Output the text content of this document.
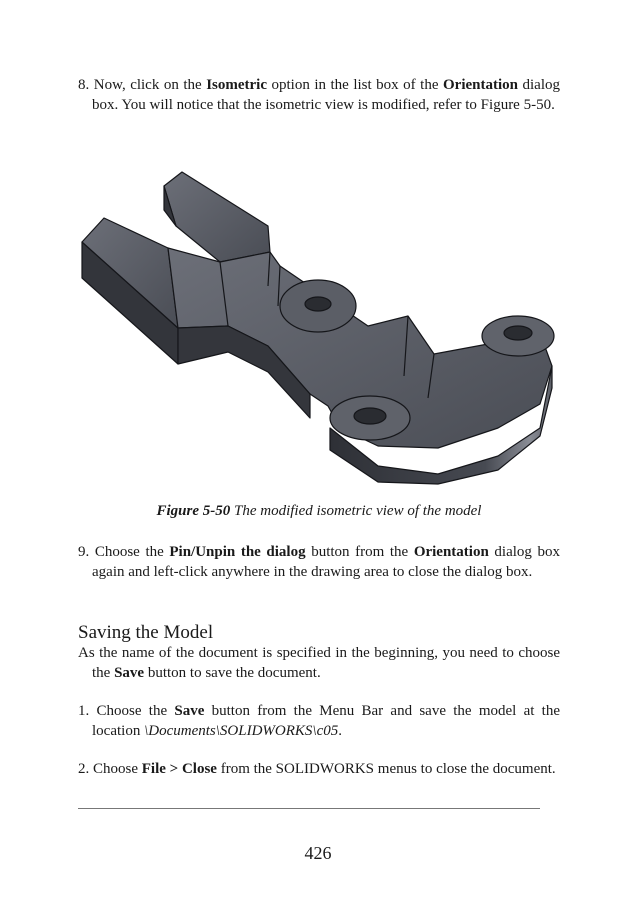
8. Now, click on the Isometric option in the list box of the Orientation dialog box. You will notice that the isometric view is modified, refer to Figure 5-50.
Figure 5-50 The modified isometric view of the model
9. Choose the Pin/Unpin the dialog button from the Orientation dialog box again and left-click anywhere in the drawing area to close the dialog box.
Saving the Model
As the name of the document is specified in the beginning, you need to choose the Save button to save the document.
1. Choose the Save button from the Menu Bar and save the model at the location \Documents\SOLIDWORKS\c05.
2. Choose File > Close from the SOLIDWORKS menus to close the document.
426
